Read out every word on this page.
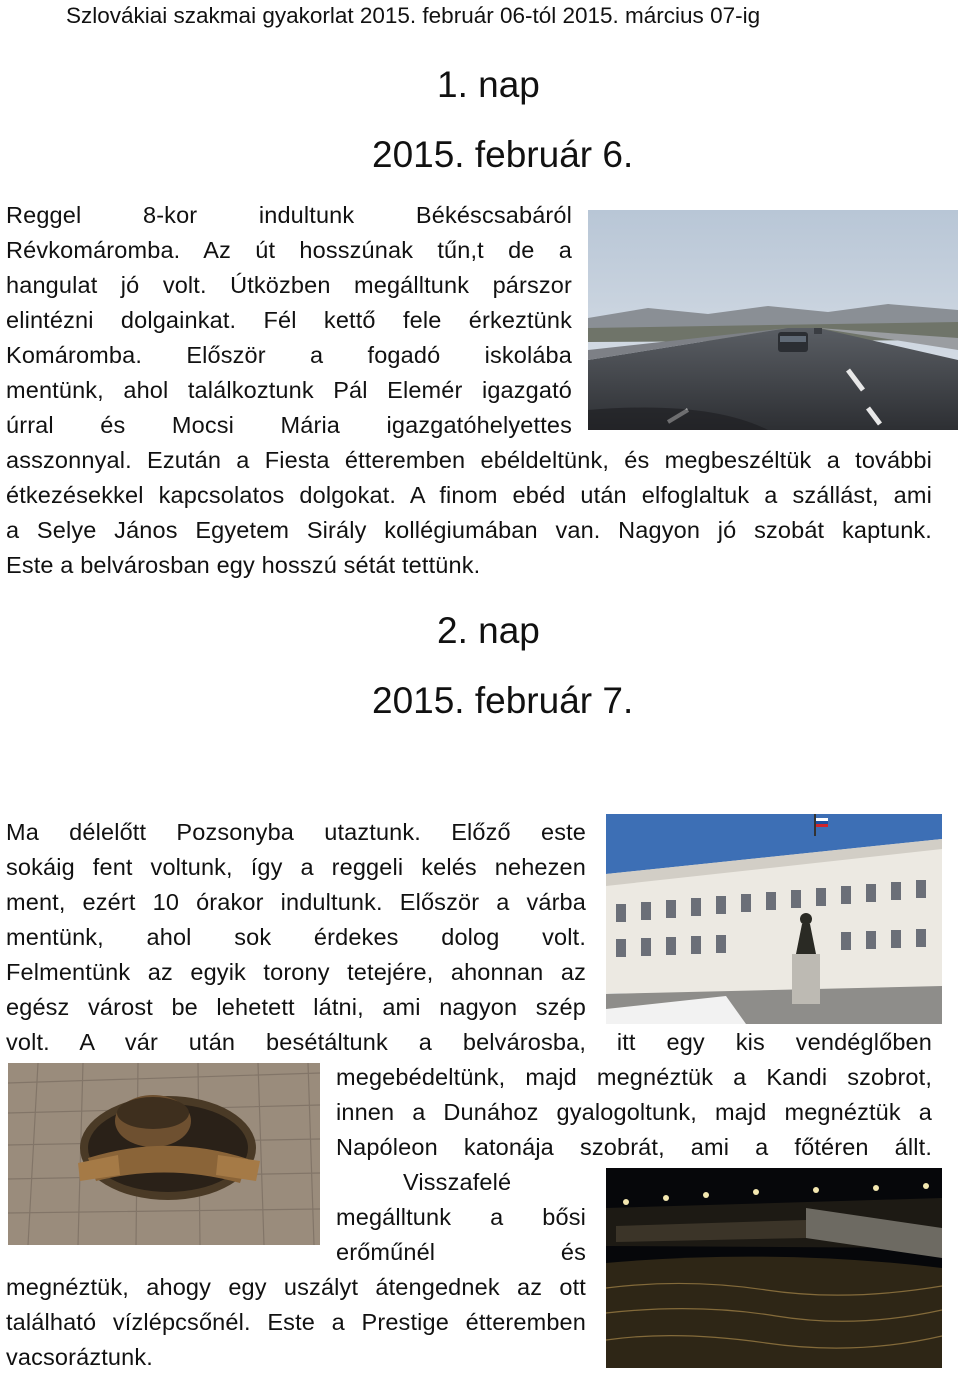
Szlovákiai szakmai gyakorlat 2015. február 06-tól 2015. március 07-ig
1. nap
2015. február 6.
Reggel 8-kor indultunk Békéscsabáról
Révkomáromba. Az út hosszúnak tűn,t de a
hangulat jó volt. Útközben megálltunk párszor
elintézni dolgainkat. Fél kettő fele érkeztünk
Komáromba. Először a fogadó iskolába
mentünk, ahol találkoztunk Pál Elemér igazgató
úrral és Mocsi Mária igazgatóhelyettes
asszonnyal. Ezután a Fiesta étteremben ebéldeltünk, és megbeszéltük a további
étkezésekkel kapcsolatos dolgokat. A finom ebéd után elfoglaltuk a szállást, ami
a Selye János Egyetem Sirály kollégiumában van. Nagyon jó szobát kaptunk.
Este a belvárosban egy hosszú sétát tettünk.
2. nap
2015. február 7.
Ma délelőtt Pozsonyba utaztunk. Előző este
sokáig fent voltunk, így a reggeli kelés nehezen
ment, ezért 10 órakor indultunk. Először a várba
mentünk, ahol sok érdekes dolog volt.
Felmentünk az egyik torony tetejére, ahonnan az
egész várost be lehetett látni, ami nagyon szép
volt. A vár után besétáltunk a belvárosba, itt egy kis vendéglőben
megebédeltünk, majd megnéztük a Kandi szobrot,
innen a Dunához gyalogoltunk, majd megnéztük a
Napóleon katonája szobrát, ami a főtéren állt.
Visszafelé
megálltunk a bősi
erőműnél és
megnéztük, ahogy egy uszályt átengednek az ott
található vízlépcsőnél. Este a Prestige étteremben
vacsoráztunk.
